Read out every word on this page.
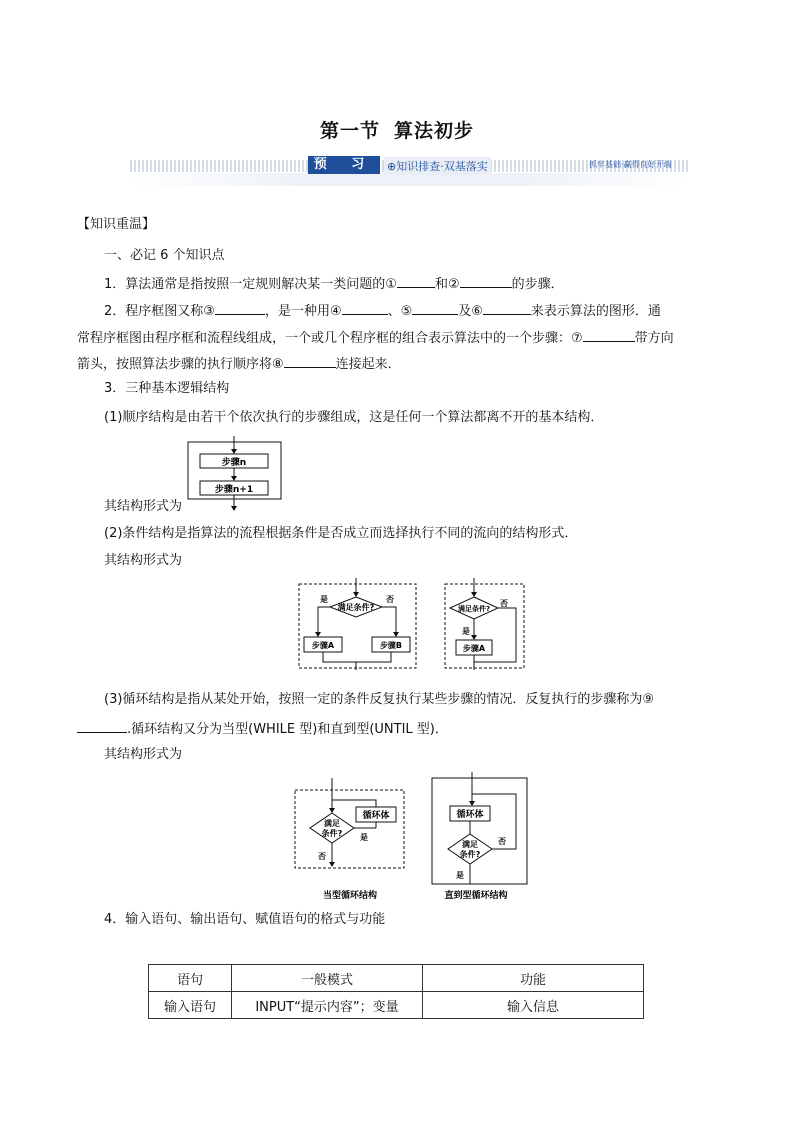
第一节 算法初步
预 习	⊕知识排查·双基落实	抓牢基础·赢得良好开端
【知识重温】
一、必记 6 个知识点
1．算法通常是指按照一定规则解决某一类问题的①	和②	的步骤．
2．程序框图又称③	，是一种用④	、⑤	及⑥	来表示算法的图形．通
常程序框图由程序框和流程线组成，一个或几个程序框的组合表示算法中的一个步骤：⑦	带方向
箭头，按照算法步骤的执行顺序将⑧	连接起来．
3．三种基本逻辑结构
(1)顺序结构是由若干个依次执行的步骤组成，这是任何一个算法都离不开的基本结构．
其结构形式为
(2)条件结构是指算法的流程根据条件是否成立而选择执行不同的流向的结构形式．
其结构形式为
(3)循环结构是指从某处开始，按照一定的条件反复执行某些步骤的情况．反复执行的步骤称为⑨
.循环结构又分为当型(WHILE 型)和直到型(UNTIL 型)．
其结构形式为
4．输入语句、输出语句、赋值语句的格式与功能
步骤n
步骤n+1
满足条件?
是	否
步骤A	步骤B
满足条件?
否
是
步骤A
满足
条件? 是
循环体
否
当型循环结构
循环体
满足
条件?
否
是
直到型循环结构
语句	一般模式	功能
输入语句	INPUT“提示内容”；变量	输入信息
